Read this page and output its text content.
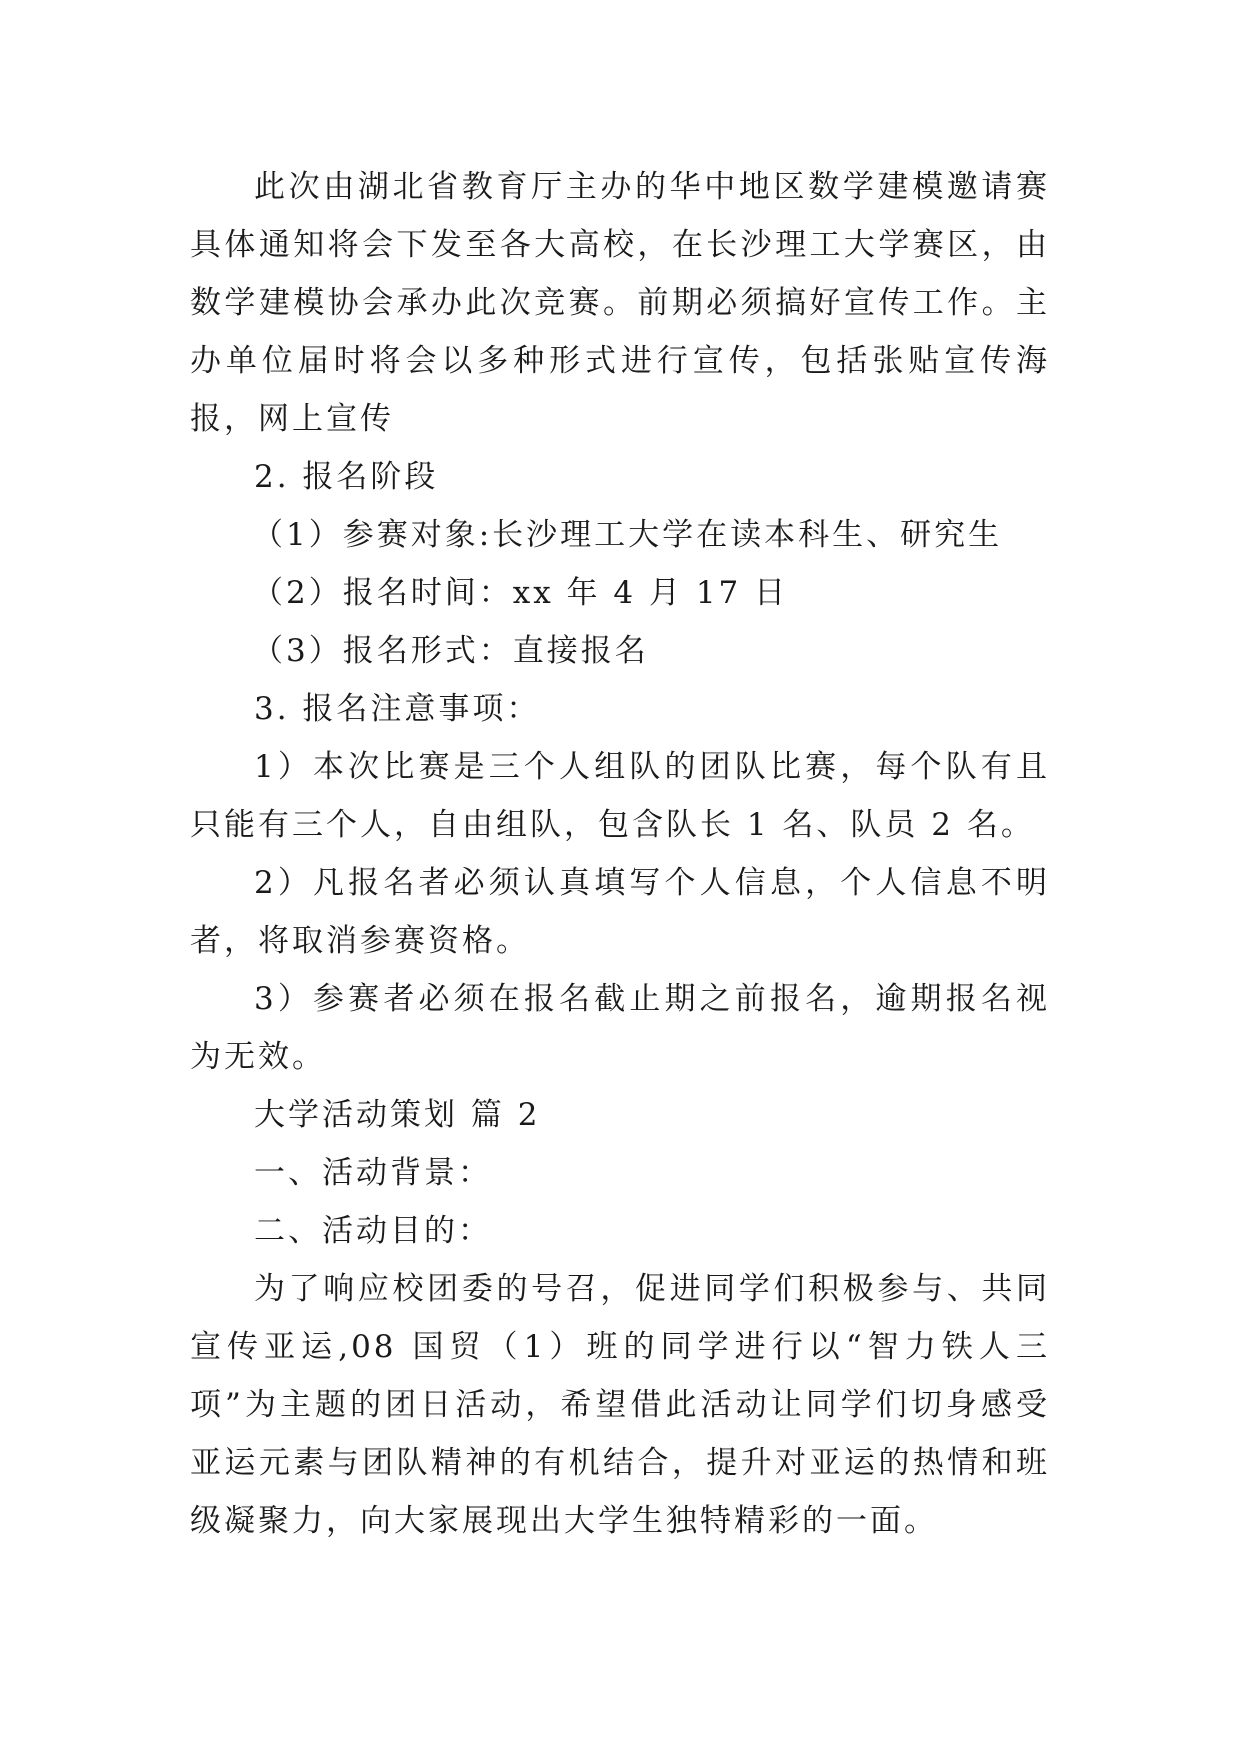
此次由湖北省教育厅主办的华中地区数学建模邀请赛具体通知将会下发至各大高校，在长沙理工大学赛区，由数学建模协会承办此次竞赛。前期必须搞好宣传工作。主办单位届时将会以多种形式进行宣传，包括张贴宣传海报，网上宣传

2. 报名阶段

（1）参赛对象:长沙理工大学在读本科生、研究生

（2）报名时间：xx 年 4 月 17 日

（3）报名形式：直接报名

3. 报名注意事项：

1）本次比赛是三个人组队的团队比赛，每个队有且只能有三个人，自由组队，包含队长 1 名、队员 2 名。

2）凡报名者必须认真填写个人信息，个人信息不明者，将取消参赛资格。

3）参赛者必须在报名截止期之前报名，逾期报名视为无效。

大学活动策划 篇 2

一、活动背景：

二、活动目的：

为了响应校团委的号召，促进同学们积极参与、共同宣传亚运,08 国贸（1）班的同学进行以“智力铁人三项”为主题的团日活动，希望借此活动让同学们切身感受亚运元素与团队精神的有机结合，提升对亚运的热情和班级凝聚力，向大家展现出大学生独特精彩的一面。
